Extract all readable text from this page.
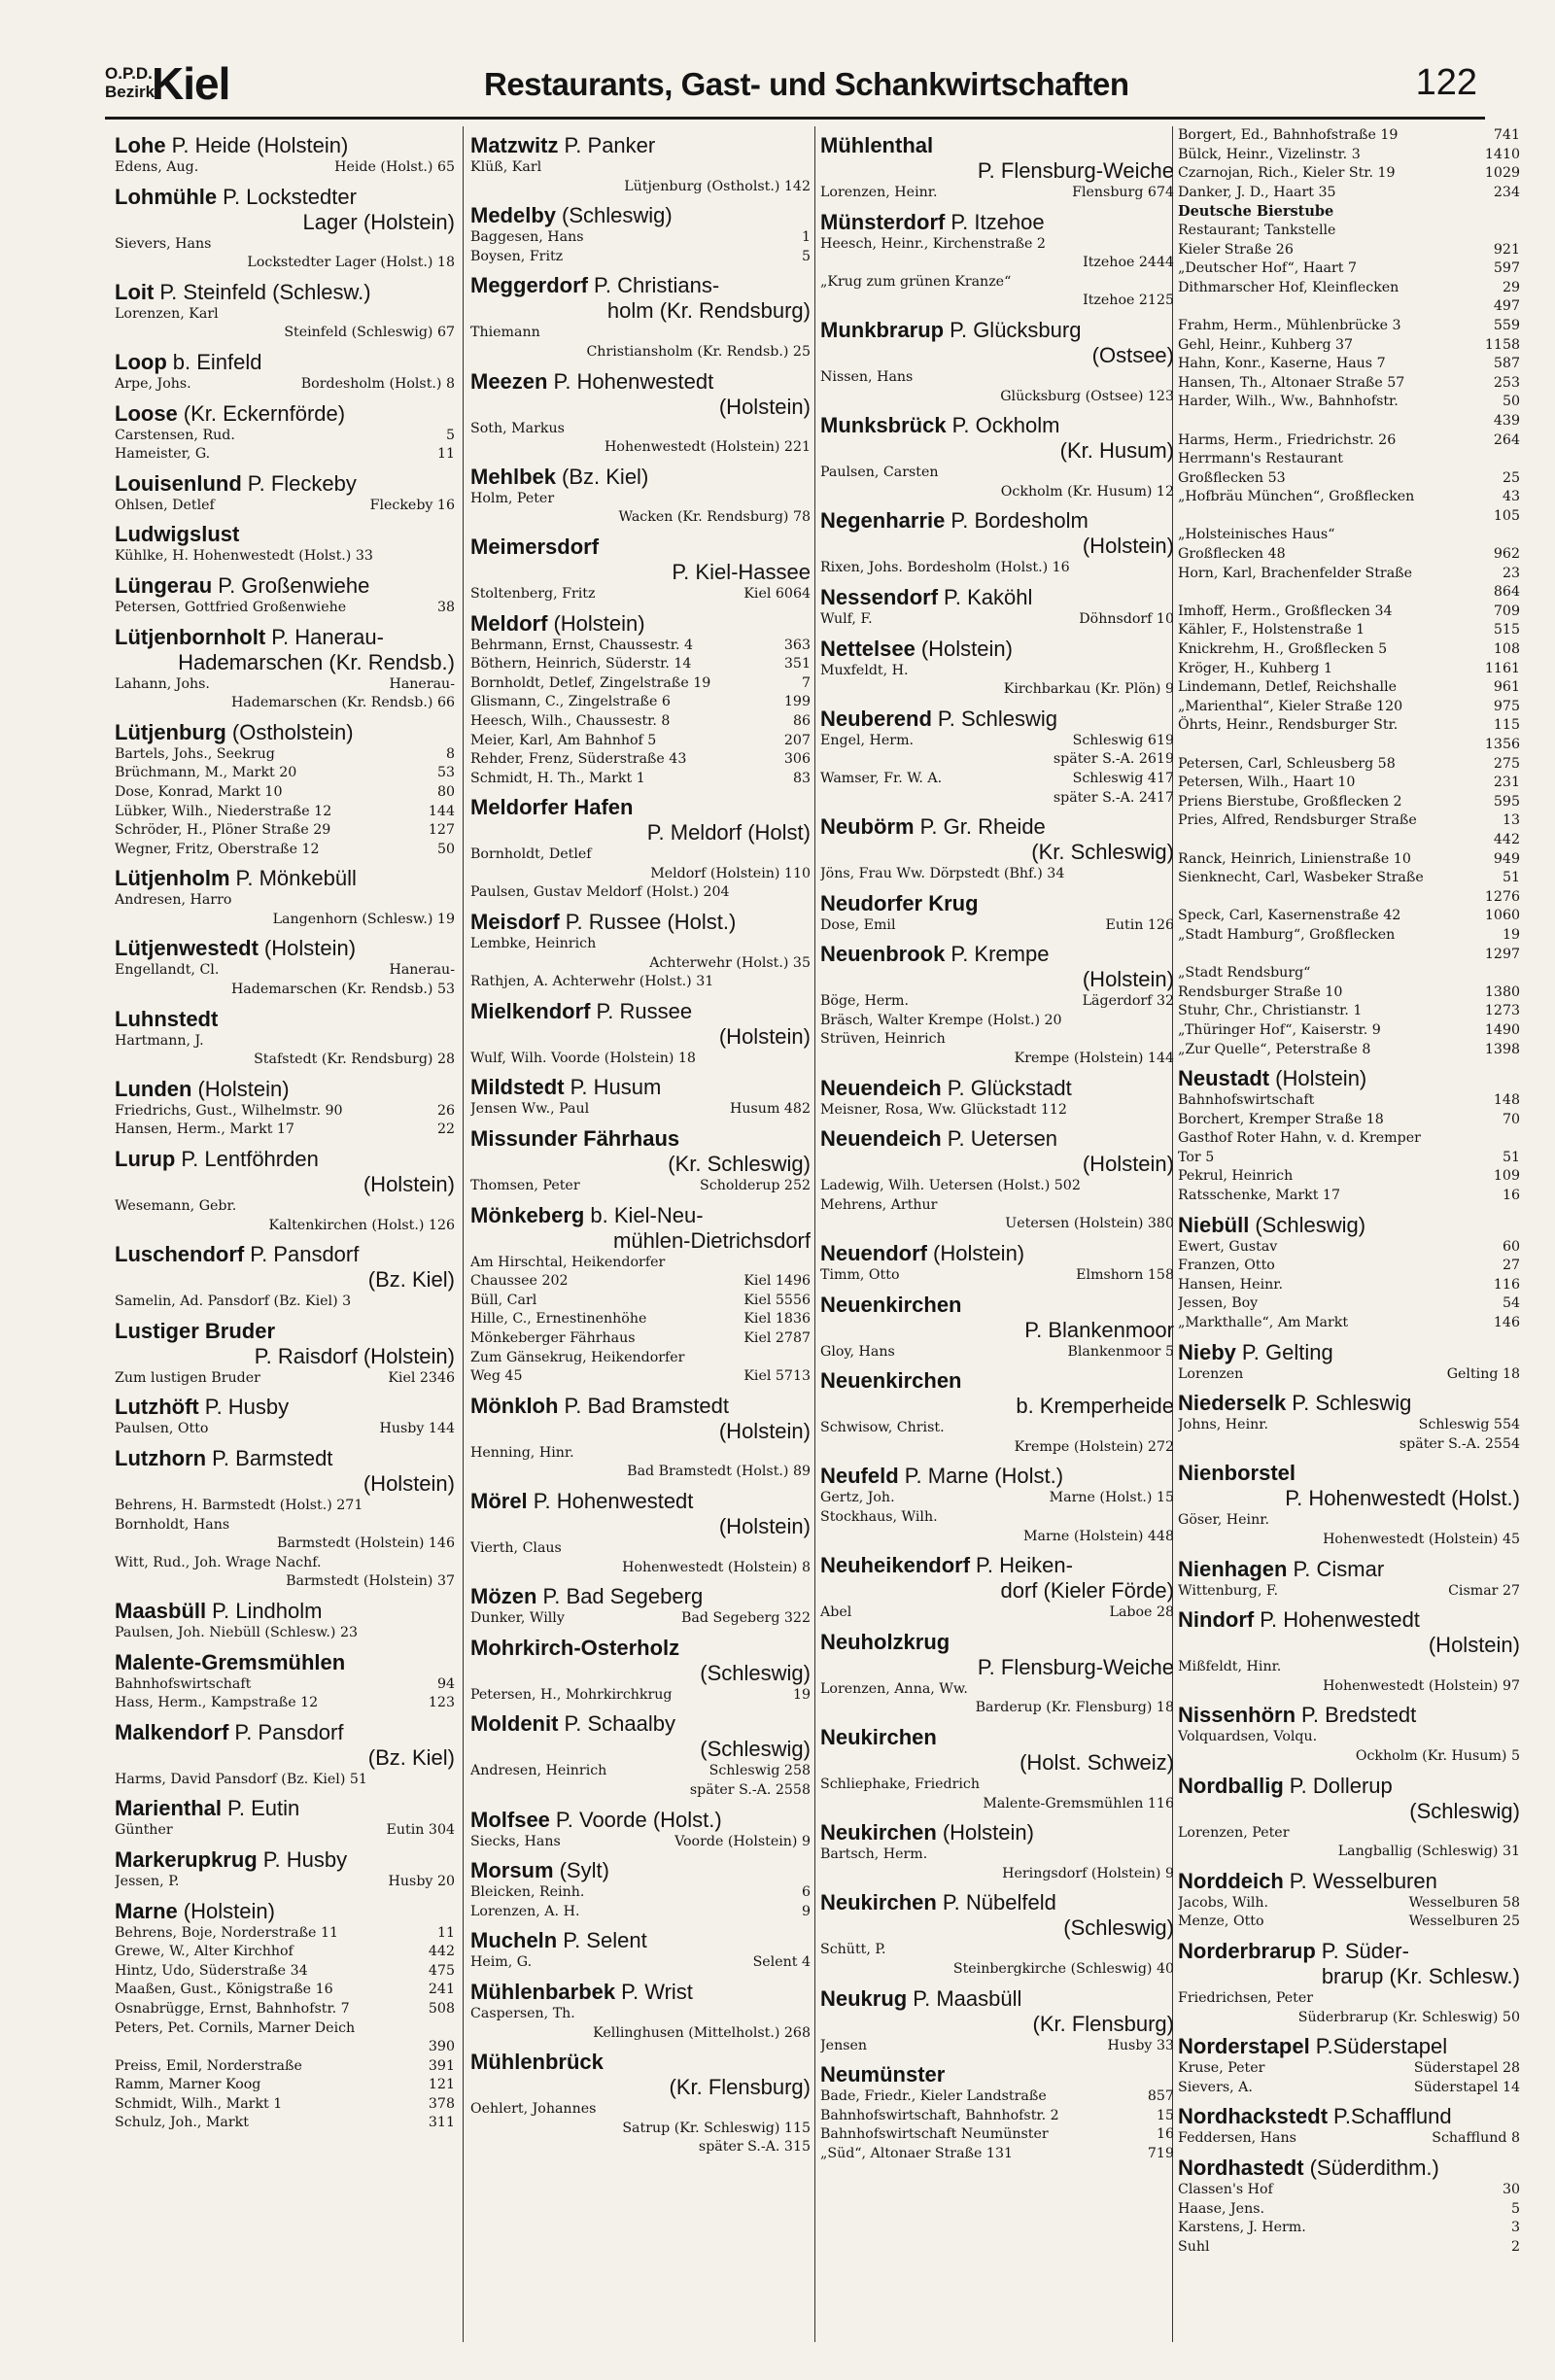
O.P.D.
Bezirk
Kiel	Restaurants, Gast- und Schankwirtschaften	122
Lohe P. Heide (Holstein)
Edens, Aug.	Heide (Holst.) 65
Lohmühle P. Lockstedter
Lager (Holstein)
Sievers, Hans
Lockstedter Lager (Holst.) 18
Loit P. Steinfeld (Schlesw.)
Lorenzen, Karl
Steinfeld (Schleswig) 67
Loop b. Einfeld
Arpe, Johs.	Bordesholm (Holst.) 8
Loose (Kr. Eckernförde)
Carstensen, Rud.	5
Hameister, G.	11
Louisenlund P. Fleckeby
Ohlsen, Detlef	Fleckeby 16
Ludwigslust
Kühlke, H. Hohenwestedt (Holst.) 33
Lüngerau P. Großenwiehe
Petersen, Gottfried Großenwiehe	38
Lütjenbornholt P. Hanerau-
Hademarschen (Kr. Rendsb.)
Lahann, Johs.	Hanerau-
Hademarschen (Kr. Rendsb.) 66
Lütjenburg (Ostholstein)
Bartels, Johs., Seekrug	8
Brüchmann, M., Markt 20	53
Dose, Konrad, Markt 10	80
Lübker, Wilh., Niederstraße 12	144
Schröder, H., Plöner Straße 29	127
Wegner, Fritz, Oberstraße 12	50
Lütjenholm P. Mönkebüll
Andresen, Harro
Langenhorn (Schlesw.) 19
Lütjenwestedt (Holstein)
Engellandt, Cl.	Hanerau-
Hademarschen (Kr. Rendsb.) 53
Luhnstedt
Hartmann, J.
Stafstedt (Kr. Rendsburg) 28
Lunden (Holstein)
Friedrichs, Gust., Wilhelmstr. 90	26
Hansen, Herm., Markt 17	22
Lurup P. Lentföhrden
(Holstein)
Wesemann, Gebr.
Kaltenkirchen (Holst.) 126
Luschendorf P. Pansdorf
(Bz. Kiel)
Samelin, Ad. Pansdorf (Bz. Kiel) 3
Lustiger Bruder
P. Raisdorf (Holstein)
Zum lustigen Bruder	Kiel 2346
Lutzhöft P. Husby
Paulsen, Otto	Husby 144
Lutzhorn P. Barmstedt
(Holstein)
Behrens, H. Barmstedt (Holst.) 271
Bornholdt, Hans
Barmstedt (Holstein) 146
Witt, Rud., Joh. Wrage Nachf.
Barmstedt (Holstein) 37
Maasbüll P. Lindholm
Paulsen, Joh. Niebüll (Schlesw.) 23
Malente-Gremsmühlen
Bahnhofswirtschaft	94
Hass, Herm., Kampstraße 12	123
Malkendorf P. Pansdorf
(Bz. Kiel)
Harms, David Pansdorf (Bz. Kiel) 51
Marienthal P. Eutin
Günther	Eutin 304
Markerupkrug P. Husby
Jessen, P.	Husby 20
Marne (Holstein)
Behrens, Boje, Norderstraße 11	11
Grewe, W., Alter Kirchhof	442
Hintz, Udo, Süderstraße 34	475
Maaßen, Gust., Königstraße 16	241
Osnabrügge, Ernst, Bahnhofstr. 7	508
Peters, Pet. Cornils, Marner Deich
390
Preiss, Emil, Norderstraße	391
Ramm, Marner Koog	121
Schmidt, Wilh., Markt 1	378
Schulz, Joh., Markt	311
Matzwitz P. Panker
Klüß, Karl
Lütjenburg (Ostholst.) 142
Medelby (Schleswig)
Baggesen, Hans	1
Boysen, Fritz	5
Meggerdorf P. Christians-
holm (Kr. Rendsburg)
Thiemann
Christiansholm (Kr. Rendsb.) 25
Meezen P. Hohenwestedt
(Holstein)
Soth, Markus
Hohenwestedt (Holstein) 221
Mehlbek (Bz. Kiel)
Holm, Peter
Wacken (Kr. Rendsburg) 78
Meimersdorf
P. Kiel-Hassee
Stoltenberg, Fritz	Kiel 6064
Meldorf (Holstein)
Behrmann, Ernst, Chaussestr. 4	363
Böthern, Heinrich, Süderstr. 14	351
Bornholdt, Detlef, Zingelstraße 19	7
Glismann, C., Zingelstraße 6	199
Heesch, Wilh., Chaussestr. 8	86
Meier, Karl, Am Bahnhof 5	207
Rehder, Frenz, Süderstraße 43	306
Schmidt, H. Th., Markt 1	83
Meldorfer Hafen
P. Meldorf (Holst)
Bornholdt, Detlef
Meldorf (Holstein) 110
Paulsen, Gustav Meldorf (Holst.) 204
Meisdorf P. Russee (Holst.)
Lembke, Heinrich
Achterwehr (Holst.) 35
Rathjen, A. Achterwehr (Holst.) 31
Mielkendorf P. Russee
(Holstein)
Wulf, Wilh. Voorde (Holstein) 18
Mildstedt P. Husum
Jensen Ww., Paul	Husum 482
Missunder Fährhaus
(Kr. Schleswig)
Thomsen, Peter	Scholderup 252
Mönkeberg b. Kiel-Neu-
mühlen-Dietrichsdorf
Am Hirschtal, Heikendorfer
Chaussee 202	Kiel 1496
Büll, Carl	Kiel 5556
Hille, C., Ernestinenhöhe	Kiel 1836
Mönkeberger Fährhaus	Kiel 2787
Zum Gänsekrug, Heikendorfer
Weg 45	Kiel 5713
Mönkloh P. Bad Bramstedt
(Holstein)
Henning, Hinr.
Bad Bramstedt (Holst.) 89
Mörel P. Hohenwestedt
(Holstein)
Vierth, Claus
Hohenwestedt (Holstein) 8
Mözen P. Bad Segeberg
Dunker, Willy	Bad Segeberg 322
Mohrkirch-Osterholz
(Schleswig)
Petersen, H., Mohrkirchkrug	19
Moldenit P. Schaalby
(Schleswig)
Andresen, Heinrich	Schleswig 258
später S.-A. 2558
Molfsee P. Voorde (Holst.)
Siecks, Hans	Voorde (Holstein) 9
Morsum (Sylt)
Bleicken, Reinh.	6
Lorenzen, A. H.	9
Mucheln P. Selent
Heim, G.	Selent 4
Mühlenbarbek P. Wrist
Caspersen, Th.
Kellinghusen (Mittelholst.) 268
Mühlenbrück
(Kr. Flensburg)
Oehlert, Johannes
Satrup (Kr. Schleswig) 115
später S.-A. 315
Mühlenthal
P. Flensburg-Weiche
Lorenzen, Heinr.	Flensburg 674
Münsterdorf P. Itzehoe
Heesch, Heinr., Kirchenstraße 2
Itzehoe 2444
„Krug zum grünen Kranze“
Itzehoe 2125
Munkbrarup P. Glücksburg
(Ostsee)
Nissen, Hans
Glücksburg (Ostsee) 123
Munksbrück P. Ockholm
(Kr. Husum)
Paulsen, Carsten
Ockholm (Kr. Husum) 12
Negenharrie P. Bordesholm
(Holstein)
Rixen, Johs. Bordesholm (Holst.) 16
Nessendorf P. Kaköhl
Wulf, F.	Döhnsdorf 10
Nettelsee (Holstein)
Muxfeldt, H.
Kirchbarkau (Kr. Plön) 9
Neuberend P. Schleswig
Engel, Herm.	Schleswig 619
später S.-A. 2619
Wamser, Fr. W. A.	Schleswig 417
später S.-A. 2417
Neubörm P. Gr. Rheide
(Kr. Schleswig)
Jöns, Frau Ww. Dörpstedt (Bhf.) 34
Neudorfer Krug
Dose, Emil	Eutin 126
Neuenbrook P. Krempe
(Holstein)
Böge, Herm.	Lägerdorf 32
Bräsch, Walter Krempe (Holst.) 20
Strüven, Heinrich
Krempe (Holstein) 144
Neuendeich P. Glückstadt
Meisner, Rosa, Ww. Glückstadt 112
Neuendeich P. Uetersen
(Holstein)
Ladewig, Wilh. Uetersen (Holst.) 502
Mehrens, Arthur
Uetersen (Holstein) 380
Neuendorf (Holstein)
Timm, Otto	Elmshorn 158
Neuenkirchen
P. Blankenmoor
Gloy, Hans	Blankenmoor 5
Neuenkirchen
b. Kremperheide
Schwisow, Christ.
Krempe (Holstein) 272
Neufeld P. Marne (Holst.)
Gertz, Joh.	Marne (Holst.) 15
Stockhaus, Wilh.
Marne (Holstein) 448
Neuheikendorf P. Heiken-
dorf (Kieler Förde)
Abel	Laboe 28
Neuholzkrug
P. Flensburg-Weiche
Lorenzen, Anna, Ww.
Barderup (Kr. Flensburg) 18
Neukirchen
(Holst. Schweiz)
Schliephake, Friedrich
Malente-Gremsmühlen 116
Neukirchen (Holstein)
Bartsch, Herm.
Heringsdorf (Holstein) 9
Neukirchen P. Nübelfeld
(Schleswig)
Schütt, P.
Steinbergkirche (Schleswig) 40
Neukrug P. Maasbüll
(Kr. Flensburg)
Jensen	Husby 33
Neumünster
Bade, Friedr., Kieler Landstraße	857
Bahnhofswirtschaft, Bahnhofstr. 2	15
Bahnhofswirtschaft Neumünster	16
„Süd“, Altonaer Straße 131	719
Borgert, Ed., Bahnhofstraße 19	741
Bülck, Heinr., Vizelinstr. 3	1410
Czarnojan, Rich., Kieler Str. 19	1029
Danker, J. D., Haart 35	234
Deutsche Bierstube
Restaurant; Tankstelle
Kieler Straße 26	921
„Deutscher Hof“, Haart 7	597
Dithmarscher Hof, Kleinflecken	29
497
Frahm, Herm., Mühlenbrücke 3	559
Gehl, Heinr., Kuhberg 37	1158
Hahn, Konr., Kaserne, Haus 7	587
Hansen, Th., Altonaer Straße 57	253
Harder, Wilh., Ww., Bahnhofstr.	50
439
Harms, Herm., Friedrichstr. 26	264
Herrmann's Restaurant
Großflecken 53	25
„Hofbräu München“, Großflecken	43
105
„Holsteinisches Haus“
Großflecken 48	962
Horn, Karl, Brachenfelder Straße	23
864
Imhoff, Herm., Großflecken 34	709
Kähler, F., Holstenstraße 1	515
Knickrehm, H., Großflecken 5	108
Kröger, H., Kuhberg 1	1161
Lindemann, Detlef, Reichshalle	961
„Marienthal“, Kieler Straße 120	975
Öhrts, Heinr., Rendsburger Str.	115
1356
Petersen, Carl, Schleusberg 58	275
Petersen, Wilh., Haart 10	231
Priens Bierstube, Großflecken 2	595
Pries, Alfred, Rendsburger Straße	13
442
Ranck, Heinrich, Linienstraße 10	949
Sienknecht, Carl, Wasbeker Straße	51
1276
Speck, Carl, Kasernenstraße 42	1060
„Stadt Hamburg“, Großflecken	19
1297
„Stadt Rendsburg“
Rendsburger Straße 10	1380
Stuhr, Chr., Christianstr. 1	1273
„Thüringer Hof“, Kaiserstr. 9	1490
„Zur Quelle“, Peterstraße 8	1398
Neustadt (Holstein)
Bahnhofswirtschaft	148
Borchert, Kremper Straße 18	70
Gasthof Roter Hahn, v. d. Kremper
Tor 5	51
Pekrul, Heinrich	109
Ratsschenke, Markt 17	16
Niebüll (Schleswig)
Ewert, Gustav	60
Franzen, Otto	27
Hansen, Heinr.	116
Jessen, Boy	54
„Markthalle“, Am Markt	146
Nieby P. Gelting
Lorenzen	Gelting 18
Niederselk P. Schleswig
Johns, Heinr.	Schleswig 554
später S.-A. 2554
Nienborstel
P. Hohenwestedt (Holst.)
Göser, Heinr.
Hohenwestedt (Holstein) 45
Nienhagen P. Cismar
Wittenburg, F.	Cismar 27
Nindorf P. Hohenwestedt
(Holstein)
Mißfeldt, Hinr.
Hohenwestedt (Holstein) 97
Nissenhörn P. Bredstedt
Volquardsen, Volqu.
Ockholm (Kr. Husum) 5
Nordballig P. Dollerup
(Schleswig)
Lorenzen, Peter
Langballig (Schleswig) 31
Norddeich P. Wesselburen
Jacobs, Wilh.	Wesselburen 58
Menze, Otto	Wesselburen 25
Norderbrarup P. Süder-
brarup (Kr. Schlesw.)
Friedrichsen, Peter
Süderbrarup (Kr. Schleswig) 50
Norderstapel P.Süderstapel
Kruse, Peter	Süderstapel 28
Sievers, A.	Süderstapel 14
Nordhackstedt P.Schafflund
Feddersen, Hans	Schafflund 8
Nordhastedt (Süderdithm.)
Classen's Hof	30
Haase, Jens.	5
Karstens, J. Herm.	3
Suhl	2
